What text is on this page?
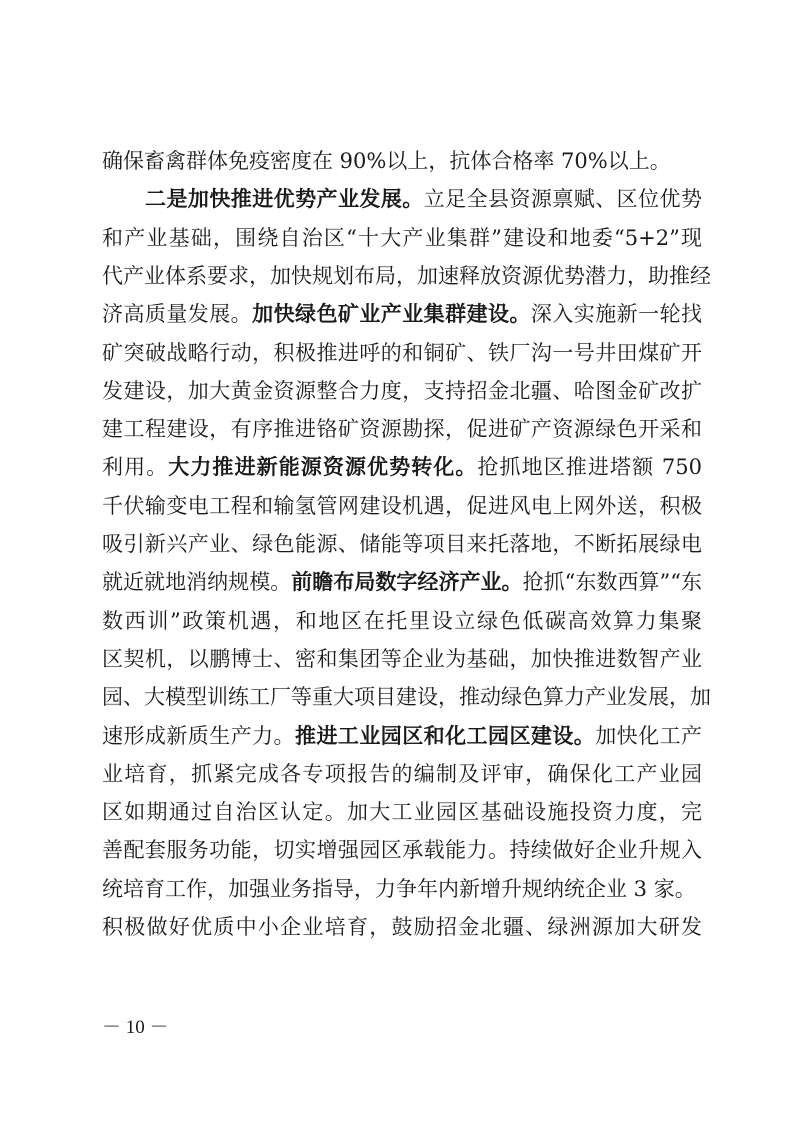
确保畜禽群体免疫密度在 90%以上，抗体合格率 70%以上。
二是加快推进优势产业发展。立足全县资源禀赋、区位优势
和产业基础，围绕自治区“十大产业集群”建设和地委“5+2”现
代产业体系要求，加快规划布局，加速释放资源优势潜力，助推经
济高质量发展。加快绿色矿业产业集群建设。深入实施新一轮找
矿突破战略行动，积极推进呼的和铜矿、铁厂沟一号井田煤矿开
发建设，加大黄金资源整合力度，支持招金北疆、哈图金矿改扩
建工程建设，有序推进铬矿资源勘探，促进矿产资源绿色开采和
利用。大力推进新能源资源优势转化。抢抓地区推进塔额 750
千伏输变电工程和输氢管网建设机遇，促进风电上网外送，积极
吸引新兴产业、绿色能源、储能等项目来托落地，不断拓展绿电
就近就地消纳规模。前瞻布局数字经济产业。抢抓“东数西算”“东
数西训”政策机遇，和地区在托里设立绿色低碳高效算力集聚
区契机，以鹏博士、密和集团等企业为基础，加快推进数智产业
园、大模型训练工厂等重大项目建设，推动绿色算力产业发展，加
速形成新质生产力。推进工业园区和化工园区建设。加快化工产
业培育，抓紧完成各专项报告的编制及评审，确保化工产业园
区如期通过自治区认定。加大工业园区基础设施投资力度，完
善配套服务功能，切实增强园区承载能力。持续做好企业升规入
统培育工作，加强业务指导，力争年内新增升规纳统企业 3 家。
积极做好优质中小企业培育，鼓励招金北疆、绿洲源加大研发
－ 10 －
